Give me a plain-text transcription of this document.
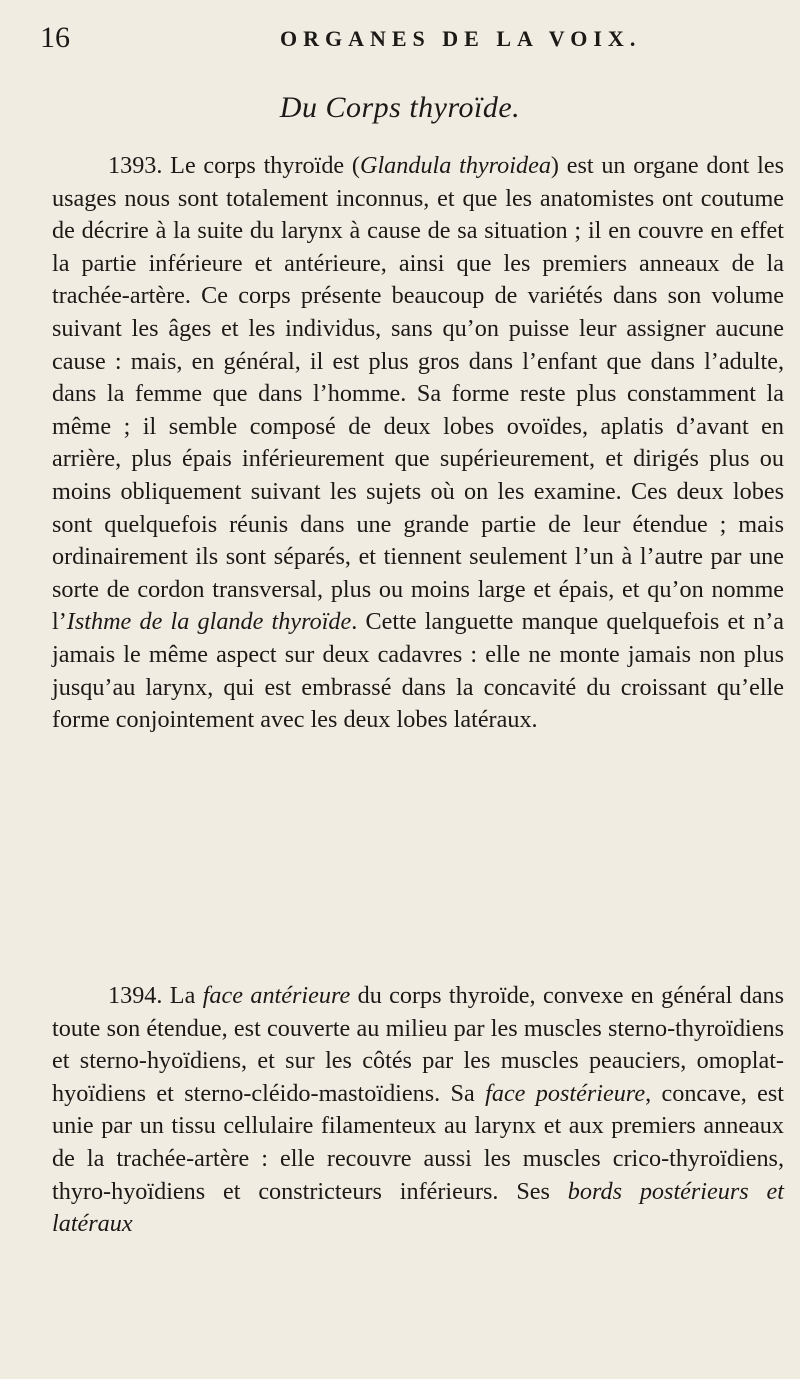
16	ORGANES DE LA VOIX.
Du Corps thyroïde.

1393. Le corps thyroïde (Glandula thyroidea) est un organe dont les usages nous sont totalement inconnus, et que les anatomistes ont coutume de décrire à la suite du larynx à cause de sa situation ; il en couvre en effet la partie inférieure et antérieure, ainsi que les premiers anneaux de la trachée-artère. Ce corps présente beaucoup de variétés dans son volume suivant les âges et les individus, sans qu’on puisse leur assigner aucune cause : mais, en général, il est plus gros dans l’enfant que dans l’adulte, dans la femme que dans l’homme. Sa forme reste plus constamment la même ; il semble composé de deux lobes ovoïdes, aplatis d’avant en arrière, plus épais inférieurement que supérieurement, et dirigés plus ou moins obliquement suivant les sujets où on les examine. Ces deux lobes sont quelquefois réunis dans une grande partie de leur étendue ; mais ordinairement ils sont séparés, et tiennent seulement l’un à l’autre par une sorte de cordon transversal, plus ou moins large et épais, et qu’on nomme l’Isthme de la glande thyroïde. Cette languette manque quelquefois et n’a jamais le même aspect sur deux cadavres : elle ne monte jamais non plus jusqu’au larynx, qui est embrassé dans la concavité du croissant qu’elle forme conjointement avec les deux lobes latéraux.

1394. La face antérieure du corps thyroïde, convexe en général dans toute son étendue, est couverte au milieu par les muscles sterno-thyroïdiens et sterno-hyoïdiens, et sur les côtés par les muscles peauciers, omoplat-hyoïdiens et sterno-cléido-mastoïdiens. Sa face postérieure, concave, est unie par un tissu cellulaire filamenteux au larynx et aux premiers anneaux de la trachée-artère : elle recouvre aussi les muscles crico-thyroïdiens, thyro-hyoïdiens et constricteurs inférieurs. Ses bords postérieurs et latéraux
